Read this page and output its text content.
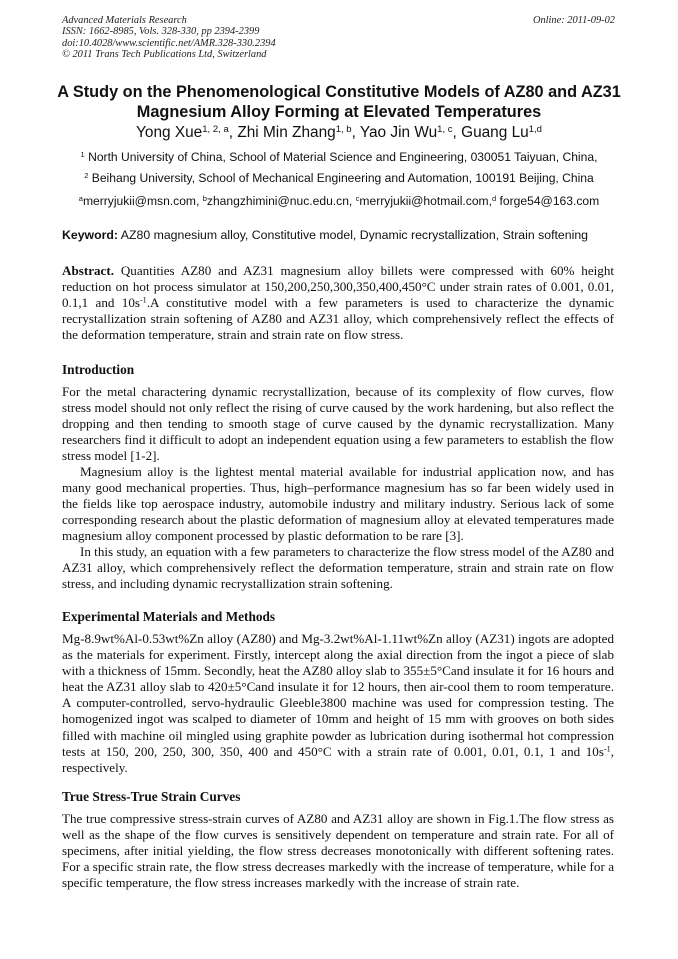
Advanced Materials Research
ISSN: 1662-8985, Vols. 328-330, pp 2394-2399
doi:10.4028/www.scientific.net/AMR.328-330.2394
© 2011 Trans Tech Publications Ltd, Switzerland
Online: 2011-09-02
A Study on the Phenomenological Constitutive Models of AZ80 and AZ31
Magnesium Alloy Forming at Elevated Temperatures
Yong Xue$^{1, 2, a}$, Zhi Min Zhang$^{1, b}$, Yao Jin Wu$^{1, c}$, Guang Lu$^{1,d}$
$^1$ North University of China, School of Material Science and Engineering, 030051 Taiyuan, China,
$^2$ Beihang University, School of Mechanical Engineering and Automation, 100191 Beijing, China
$^a$merryjukii@msn.com, $^b$zhangzhimini@nuc.edu.cn, $^c$merryjukii@hotmail.com,$^d$ forge54@163.com
Keyword: AZ80 magnesium alloy, Constitutive model, Dynamic recrystallization, Strain softening
Abstract. Quantities AZ80 and AZ31 magnesium alloy billets were compressed with 60% height reduction on hot process simulator at 150,200,250,300,350,400,450°C under strain rates of 0.001, 0.01, 0.1,1 and $10s^{-1}.A$ constitutive model with a few parameters is used to characterize the dynamic recrystallization strain softening of AZ80 and AZ31 alloy, which comprehensively reflect the effects of the deformation temperature, strain and strain rate on flow stress.
Introduction
For the metal charactering dynamic recrystallization, because of its complexity of flow curves, flow stress model should not only reflect the rising of curve caused by the work hardening, but also reflect the dropping and then tending to smooth stage of curve caused by the dynamic recrystallization. Many researchers find it difficult to adopt an independent equation using a few parameters to establish the flow stress model [1-2].
Magnesium alloy is the lightest mental material available for industrial application now, and has many good mechanical properties. Thus, high–performance magnesium has so far been widely used in the fields like top aerospace industry, automobile industry and military industry. Serious lack of some corresponding research about the plastic deformation of magnesium alloy at elevated temperatures made magnesium alloy component processed by plastic deformation to be rare [3].
In this study, an equation with a few parameters to characterize the flow stress model of the AZ80 and AZ31 alloy, which comprehensively reflect the deformation temperature, strain and strain rate on flow stress, and including dynamic recrystallization strain softening.
Experimental Materials and Methods
Mg-8.9wt%Al-0.53wt%Zn alloy (AZ80) and Mg-3.2wt%Al-1.11wt%Zn alloy (AZ31) ingots are adopted as the materials for experiment. Firstly, intercept along the axial direction from the ingot a piece of slab with a thickness of 15mm. Secondly, heat the AZ80 alloy slab to 355±5°Cand insulate it for 16 hours and heat the AZ31 alloy slab to 420±5°Cand insulate it for 12 hours, then air-cool them to room temperature. A computer-controlled, servo-hydraulic Gleeble3800 machine was used for compression testing. The homogenized ingot was scalped to diameter of 10mm and height of 15 mm with grooves on both sides filled with machine oil mingled using graphite powder as lubrication during isothermal hot compression tests at 150, 200, 250, 300, 350, 400 and 450°C with a strain rate of 0.001, 0.01, 0.1, 1 and $10s^{-1}$, respectively.
True Stress-True Strain Curves
The true compressive stress-strain curves of AZ80 and AZ31 alloy are shown in Fig.1.The flow stress as well as the shape of the flow curves is sensitively dependent on temperature and strain rate. For all of specimens, after initial yielding, the flow stress decreases monotonically with different softening rates. For a specific strain rate, the flow stress decreases markedly with the increase of temperature, while for a specific temperature, the flow stress increases markedly with the increase of strain rate.
